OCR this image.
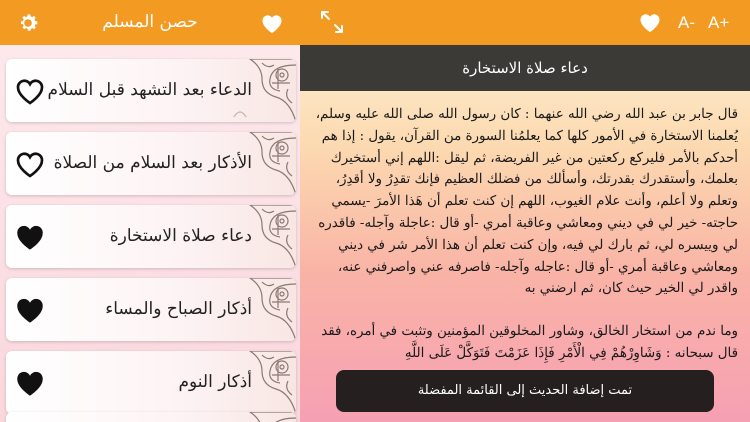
حصن المسلم
الدعاء بعد التشهد قبل السلام
الأذكار بعد السلام من الصلاة
دعاء صلاة الاستخارة
أذكار الصباح والمساء
أذكار النوم
A- A+
دعاء صلاة الاستخارة

قال جابر بن عبد الله رضي الله عنهما : كان رسول الله صلى الله عليه وسلم، يُعلمنا الاستخارة في الأمور كلها كما يعلمُنا السورة من القرآن، يقول : إذا هم أحدكم بالأمر فليركع ركعتين من غير الفريضة، ثم ليقل :اللهم إني أستخيرك بعلمك، وأستقدرك بقدرتك، وأسألك من فضلك العظيم فإنك تقدِرُ ولا أقدِرُ، وتعلم ولا أعلم، وأنت علام الغيوب، اللهم إن كنت تعلم أن هَذا الأمرَ -يسمي حاجته- خير لي في ديني ومعاشي وعاقبة أمري -أو قال :عاجلة وآجله- فاقدره لي وييسره لي، ثم بارك لي فيه، وإن كنت تعلم أن هذا الأمر شر في ديني ومعاشي وعاقبة أمري -أو قال :عاجله وآجله- فاصرفه عني واصرفني عنه، واقدر لي الخير حيث كان، ثم ارضني به

وما ندم من استخار الخالق، وشاور المخلوقين المؤمنين وتثبت في أمره، فقد قال سبحانه : وَشَاوِرْهُمْ فِي الْأَمْرِ فَإِذَا عَزَمْتَ فَتَوَكَّلْ عَلَى اللَّهِ

تمت إضافة الحديث إلى القائمة المفضلة
